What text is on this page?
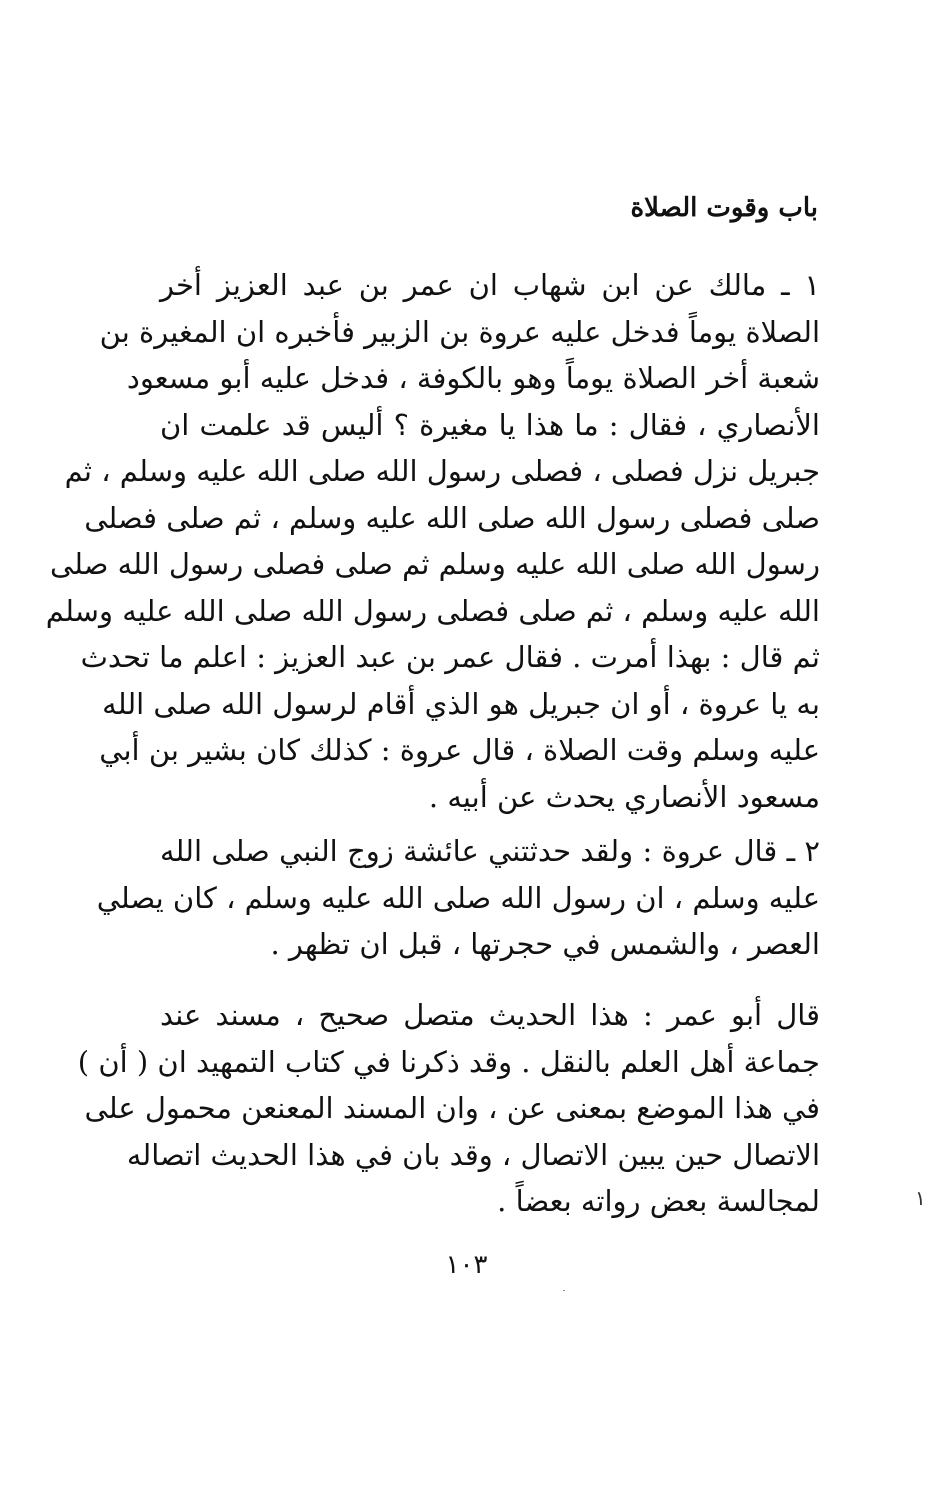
باب وقوت الصلاة
١ ـ مالك عن ابن شهاب ان عمر بن عبد العزيز أخر
الصلاة يوماً فدخل عليه عروة بن الزبير فأخبره ان المغيرة بن
شعبة أخر الصلاة يوماً وهو بالكوفة ، فدخل عليه أبو مسعود
الأنصاري ، فقال : ما هذا يا مغيرة ؟ أليس قد علمت ان
جبريل نزل فصلى ، فصلى رسول الله صلى الله عليه وسلم ، ثم
صلى فصلى رسول الله صلى الله عليه وسلم ، ثم صلى فصلى
رسول الله صلى الله عليه وسلم ثم صلى فصلى رسول الله صلى
الله عليه وسلم ، ثم صلى فصلى رسول الله صلى الله عليه وسلم
ثم قال : بهذا أمرت . فقال عمر بن عبد العزيز : اعلم ما تحدث
به يا عروة ، أو ان جبريل هو الذي أقام لرسول الله صلى الله
عليه وسلم وقت الصلاة ، قال عروة : كذلك كان بشير بن أبي
مسعود الأنصاري يحدث عن أبيه .
٢ ـ قال عروة : ولقد حدثتني عائشة زوج النبي صلى الله
عليه وسلم ، ان رسول الله صلى الله عليه وسلم ، كان يصلي
العصر ، والشمس في حجرتها ، قبل ان تظهر .
قال أبو عمر : هذا الحديث متصل صحيح ، مسند عند
جماعة أهل العلم بالنقل . وقد ذكرنا في كتاب التمهيد ان ( أن )
في هذا الموضع بمعنى عن ، وان المسند المعنعن محمول على
الاتصال حين يبين الاتصال ، وقد بان في هذا الحديث اتصاله
لمجالسة بعض رواته بعضاً .	١

١٠٣
